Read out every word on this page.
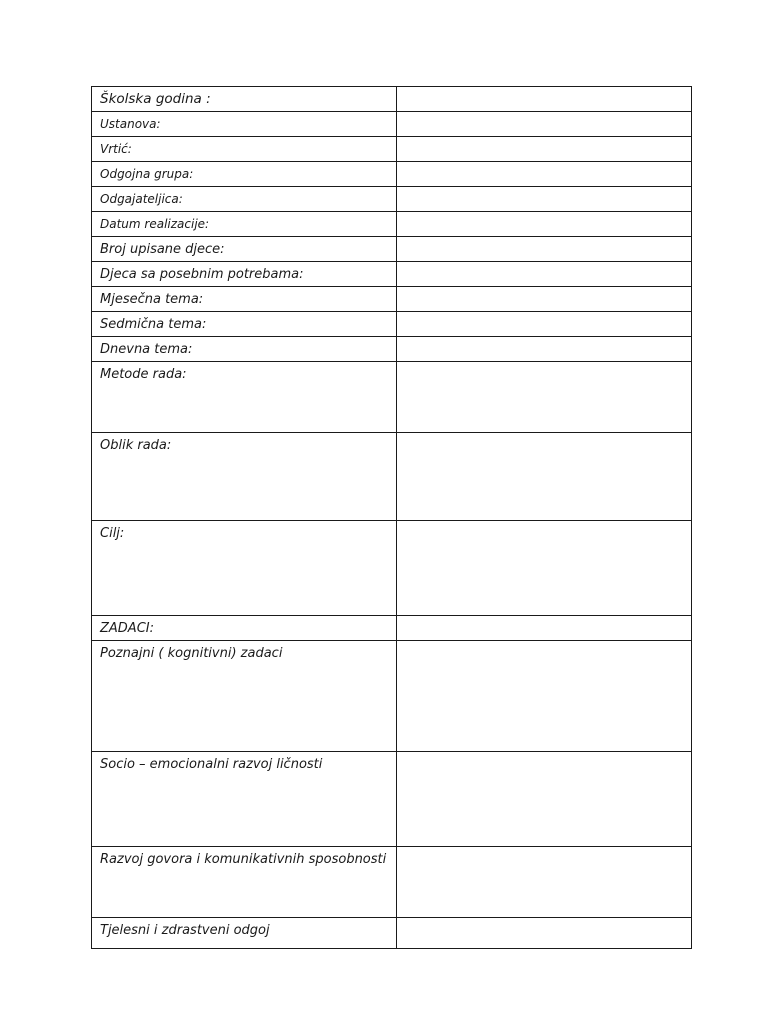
Školska godina :	
Ustanova:	
Vrtić:	
Odgojna grupa:	
Odgajateljica:	
Datum realizacije:	
Broj upisane djece:	
Djeca sa posebnim potrebama:	
Mjesečna tema:	
Sedmična tema:	
Dnevna tema:	
Metode rada:	
Oblik rada:	
Cilj:	
ZADACI:	
Poznajni ( kognitivni) zadaci	
Socio – emocionalni razvoj ličnosti	
Razvoj govora i komunikativnih sposobnosti	
Tjelesni i zdrastveni odgoj	
